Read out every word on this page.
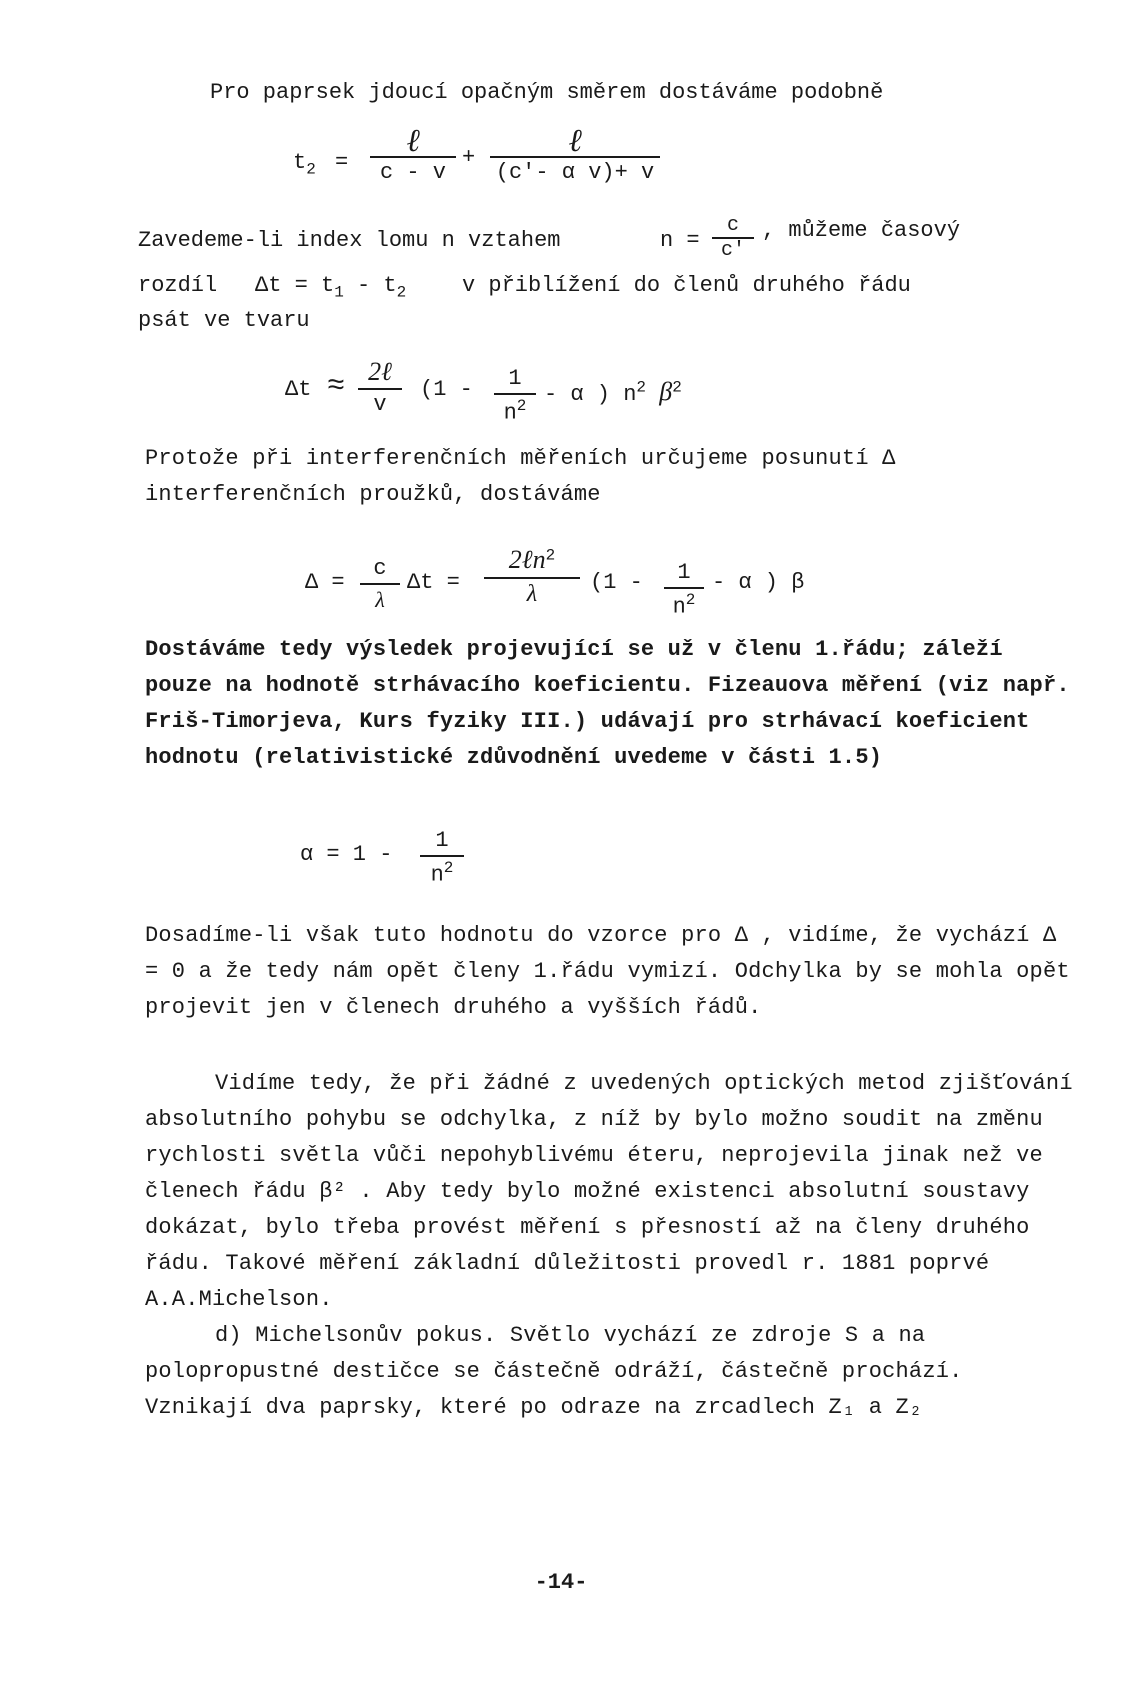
Pro paprsek jdoucí opačným směrem dostáváme podobně
$t_2$ =
ℓ
c - v
+	ℓ
(c′- α v)+ v
Zavedeme-li index lomu n vztahem	n =
c
c′
, můžeme časový
rozdíl $\Delta t = t_1 - t_2$	v přiblížení do členů druhého řádu
psát ve tvaru
Δt ≈ 2ℓ
v
(1 -	1
$n^2$ - α ) $n^2$ $\beta^2$

Protože při interferenčních měřeních určujeme posunutí Δ interferenčních proužků, dostáváme

Δ =
c
λ
Δt =
2ℓn$^2$
λ	(1 -	1
$n^2$
- α ) β

Dostáváme tedy výsledek projevující se už v členu 1.řádu; záleží pouze na hodnotě strhávacího koeficientu. Fizeauova měření (viz např. Friš-Timorjeva, Kurs fyziky III.) udávají pro strhávací koeficient hodnotu (relativistické zdůvodnění uvedeme v části 1.5)

α = 1 -
1
$n^2$

Dosadíme-li však tuto hodnotu do vzorce pro Δ , vidíme, že vychází Δ = 0 a že tedy nám opět členy 1.řádu vymizí. Odchylka by se mohla opět projevit jen v členech druhého a vyšších řádů.

Vidíme tedy, že při žádné z uvedených optických metod zjišťování absolutního pohybu se odchylka, z níž by bylo možno soudit na změnu rychlosti světla vůči nepohyblivému éteru, neprojevila jinak než ve členech řádu β² . Aby tedy bylo možné existenci absolutní soustavy dokázat, bylo třeba provést měření s přesností až na členy druhého řádu. Takové měření základní důležitosti provedl r. 1881 poprvé A.A.Michelson.

d) Michelsonův pokus. Světlo vychází ze zdroje S a na polopropustné destičce se částečně odráží, částečně prochází. Vznikají dva paprsky, které po odraze na zrcadlech Z₁ a Z₂

-14-
